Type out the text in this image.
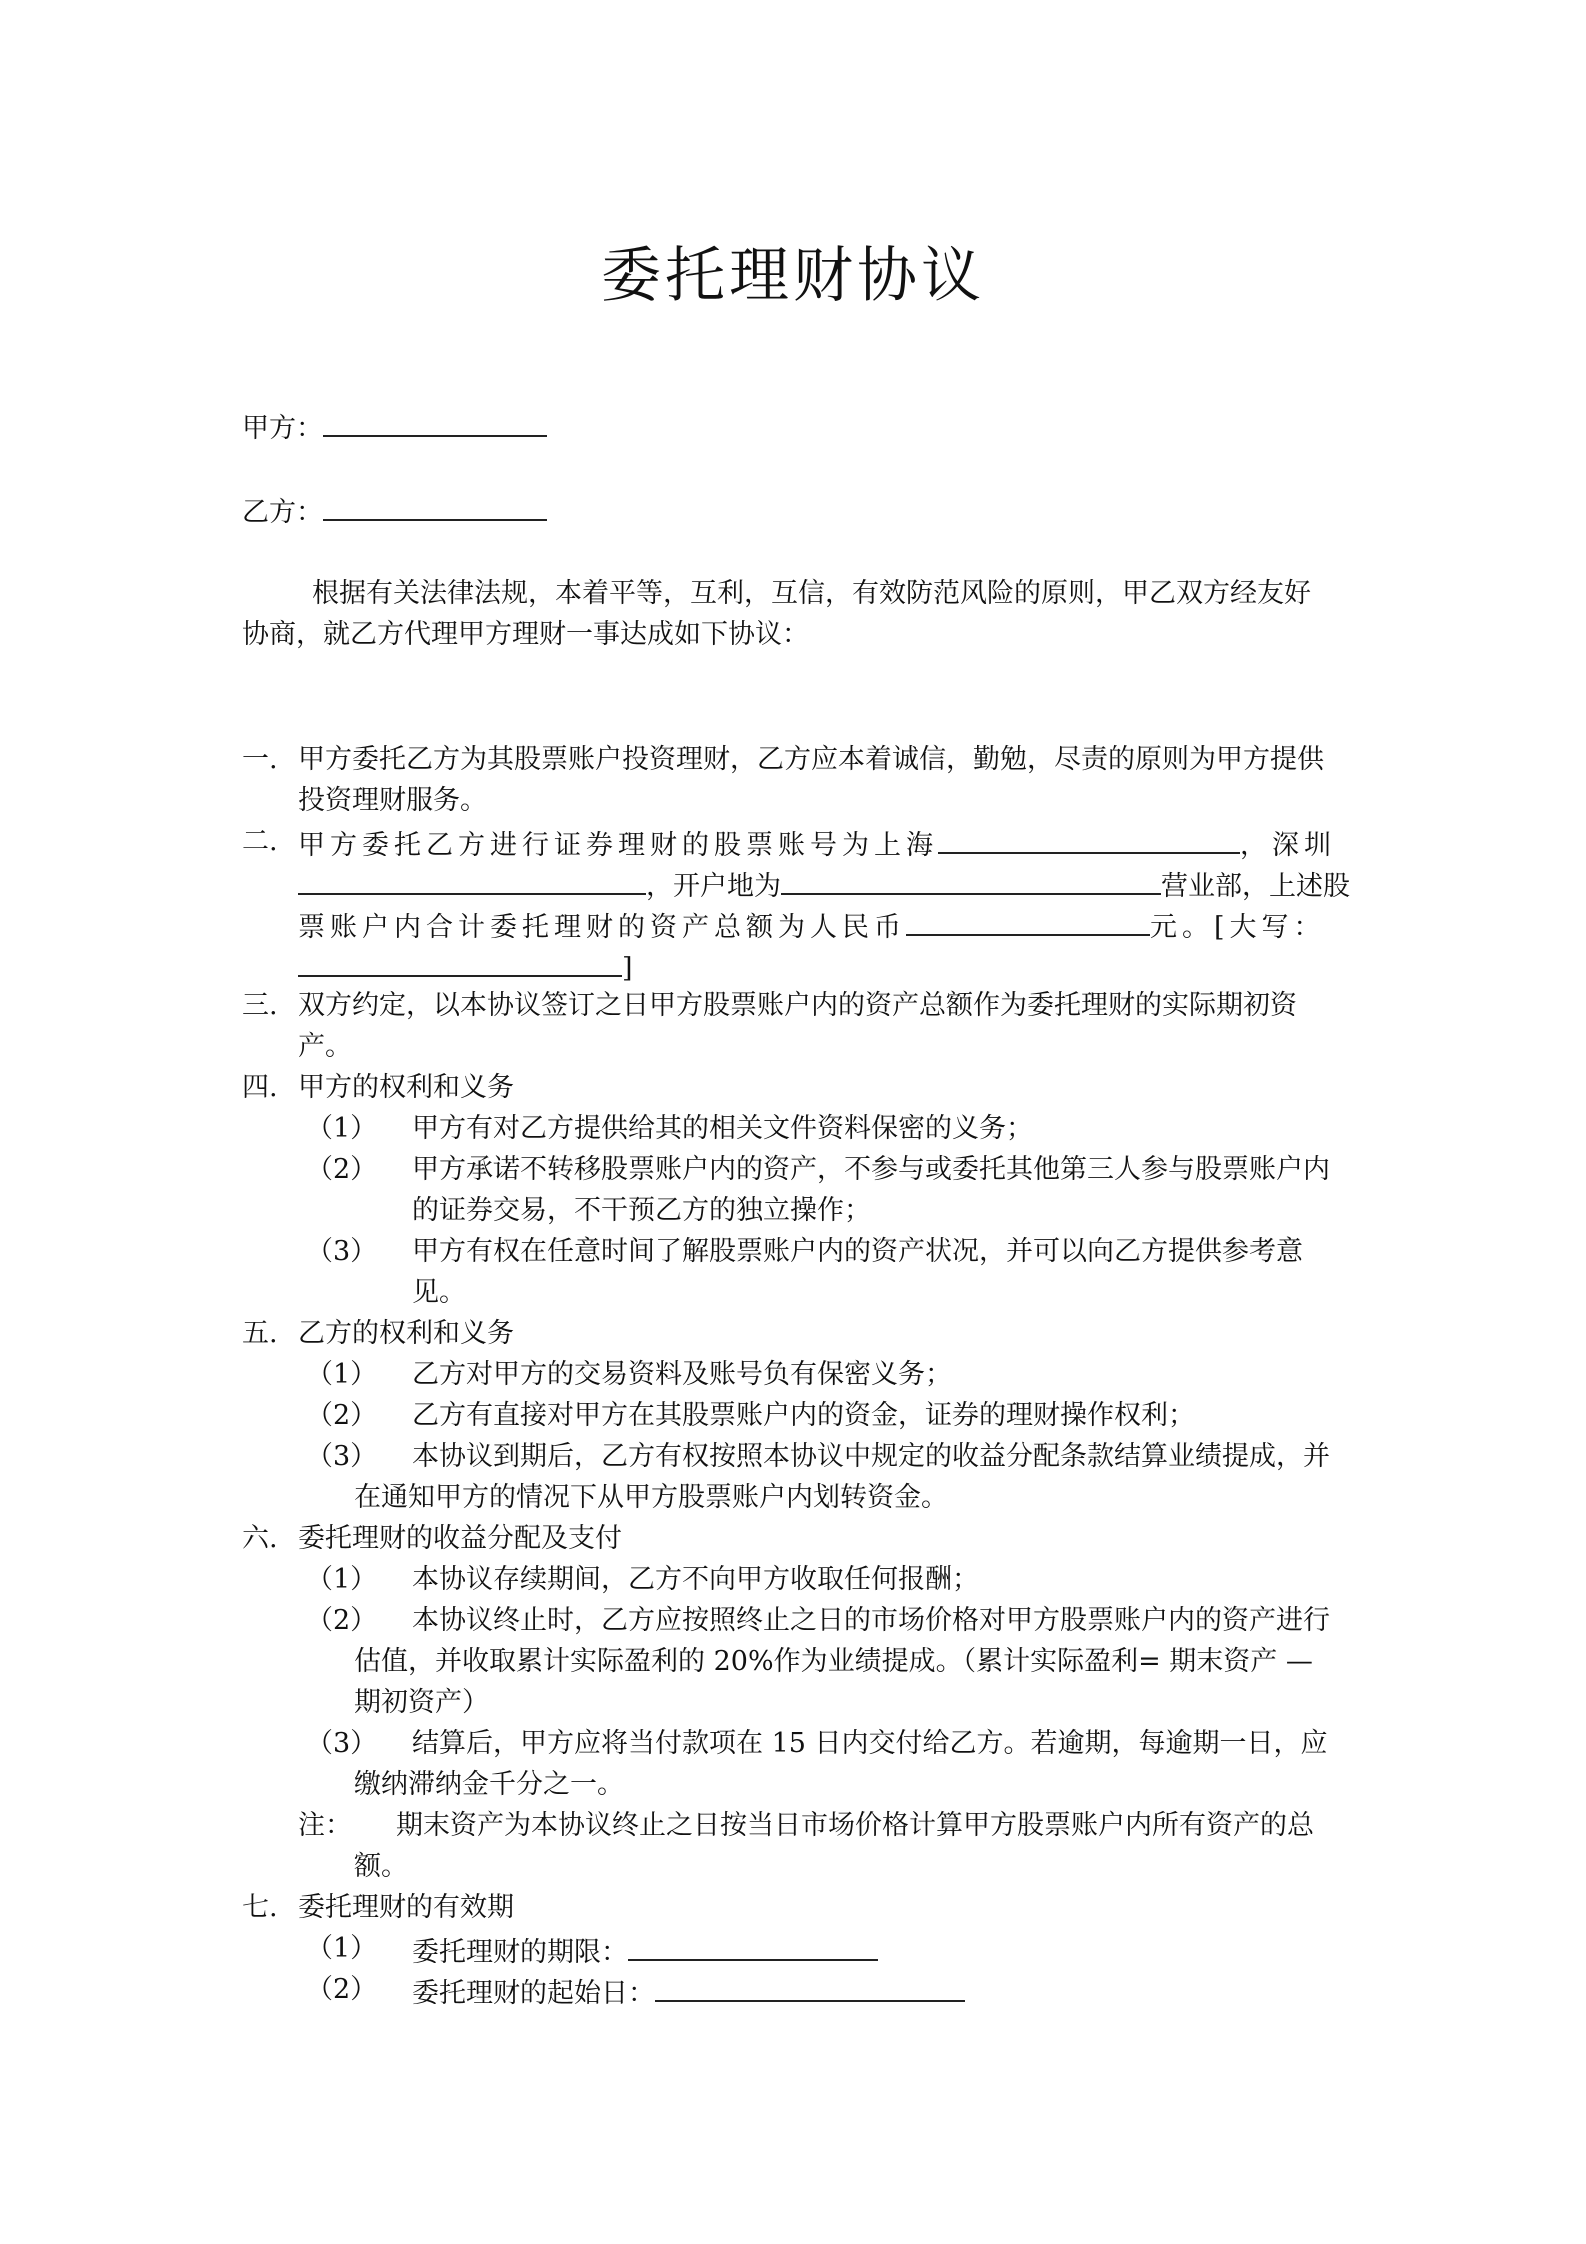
委托理财协议
甲方：
乙方：
根据有关法律法规，本着平等，互利，互信，有效防范风险的原则，甲乙双方经友好
协商，就乙方代理甲方理财一事达成如下协议：
一. 甲方委托乙方为其股票账户投资理财，乙方应本着诚信，勤勉，尽责的原则为甲方提供
投资理财服务。
二. 甲方委托乙方进行证券理财的股票账号为上海	，深圳
，开户地为	营业部，上述股
票账户内合计委托理财的资产总额为人民币	元。[大写：
]
三. 双方约定，以本协议签订之日甲方股票账户内的资产总额作为委托理财的实际期初资
产。
四. 甲方的权利和义务
（1） 甲方有对乙方提供给其的相关文件资料保密的义务；
（2） 甲方承诺不转移股票账户内的资产，不参与或委托其他第三人参与股票账户内
的证券交易，不干预乙方的独立操作；
（3） 甲方有权在任意时间了解股票账户内的资产状况，并可以向乙方提供参考意
见。
五. 乙方的权利和义务
（1） 乙方对甲方的交易资料及账号负有保密义务；
（2） 乙方有直接对甲方在其股票账户内的资金，证券的理财操作权利；
（3） 本协议到期后，乙方有权按照本协议中规定的收益分配条款结算业绩提成，并
在通知甲方的情况下从甲方股票账户内划转资金。
六. 委托理财的收益分配及支付
（1） 本协议存续期间，乙方不向甲方收取任何报酬；
（2） 本协议终止时，乙方应按照终止之日的市场价格对甲方股票账户内的资产进行
估值，并收取累计实际盈利的 20%作为业绩提成。（累计实际盈利= 期末资产 —
期初资产）
（3） 结算后，甲方应将当付款项在 15 日内交付给乙方。若逾期，每逾期一日，应
缴纳滞纳金千分之一。
注： 期末资产为本协议终止之日按当日市场价格计算甲方股票账户内所有资产的总
额。
七. 委托理财的有效期
（1） 委托理财的期限：
（2） 委托理财的起始日：
